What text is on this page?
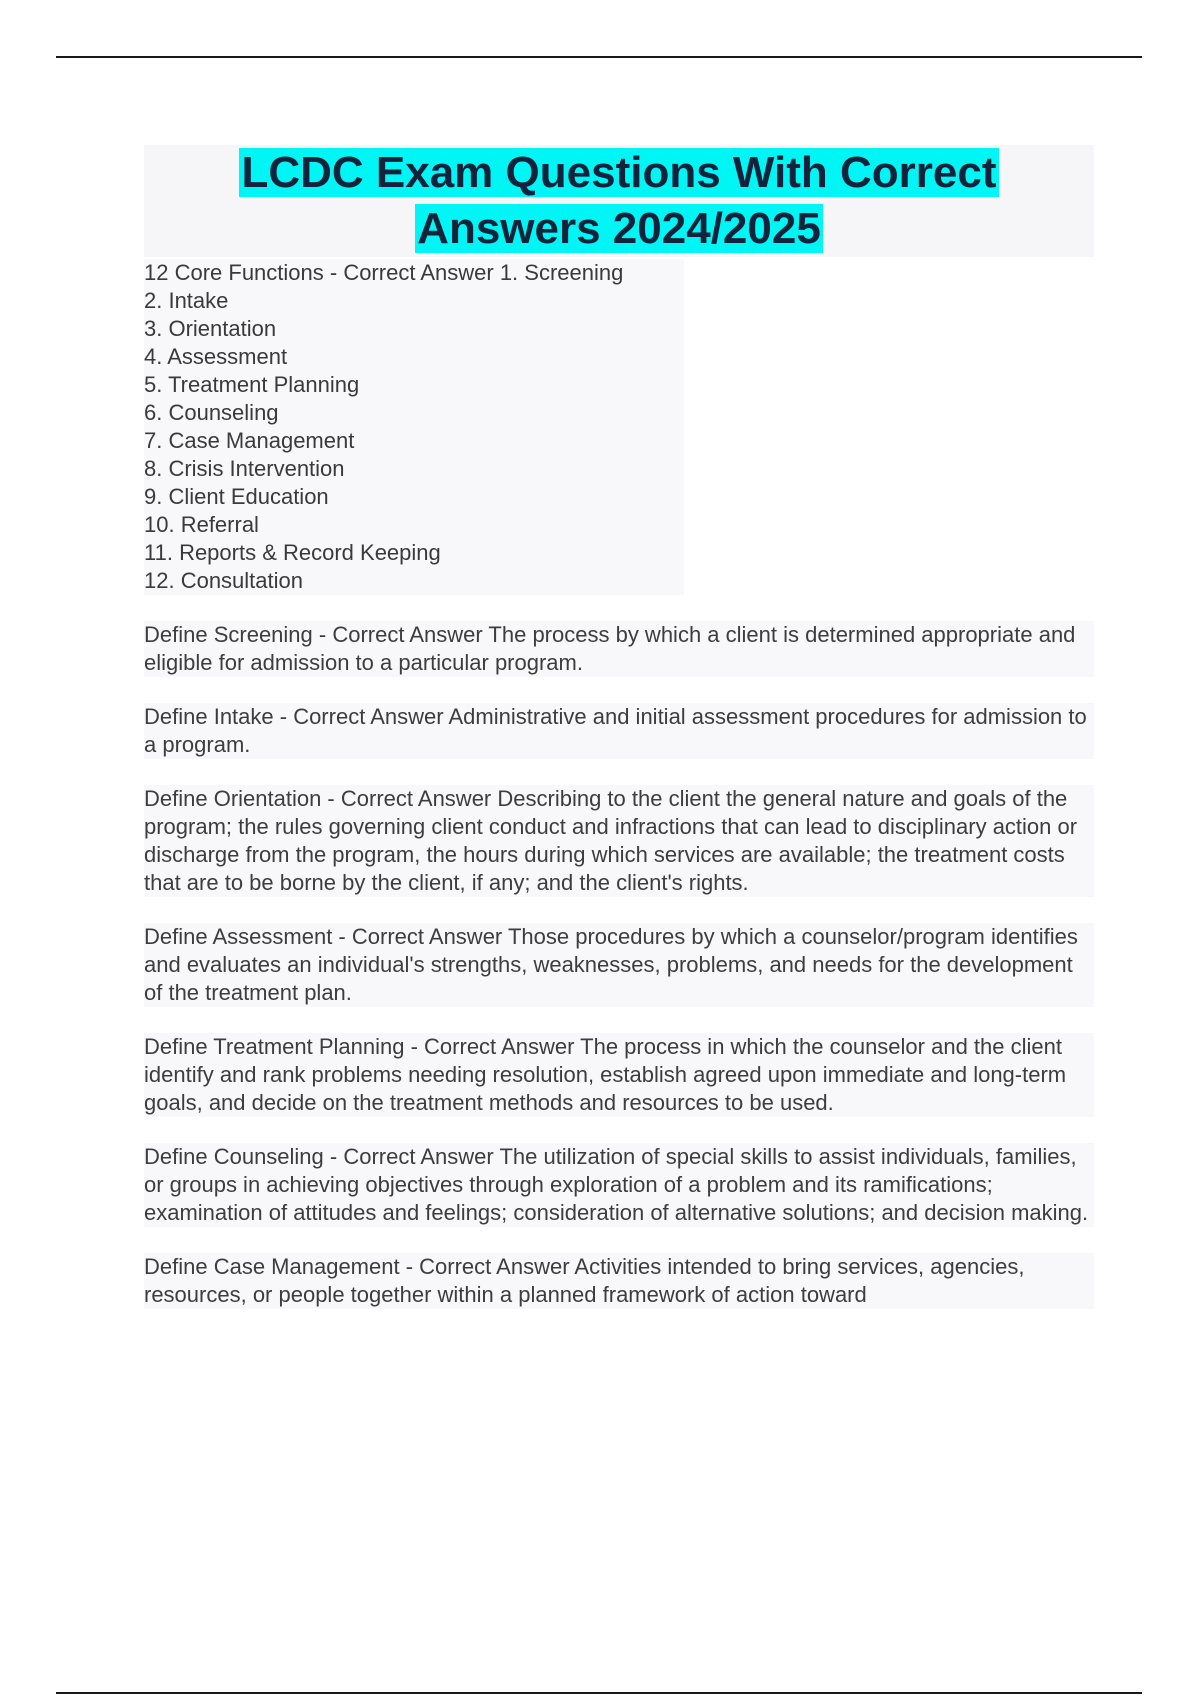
LCDC Exam Questions With Correct Answers 2024/2025
12 Core Functions - Correct Answer 1. Screening
2. Intake
3. Orientation
4. Assessment
5. Treatment Planning
6. Counseling
7. Case Management
8. Crisis Intervention
9. Client Education
10. Referral
11. Reports & Record Keeping
12. Consultation
Define Screening - Correct Answer The process by which a client is determined appropriate and eligible for admission to a particular program.
Define Intake - Correct Answer Administrative and initial assessment procedures for admission to a program.
Define Orientation - Correct Answer Describing to the client the general nature and goals of the program; the rules governing client conduct and infractions that can lead to disciplinary action or discharge from the program, the hours during which services are available; the treatment costs that are to be borne by the client, if any; and the client's rights.
Define Assessment - Correct Answer Those procedures by which a counselor/program identifies and evaluates an individual's strengths, weaknesses, problems, and needs for the development of the treatment plan.
Define Treatment Planning - Correct Answer The process in which the counselor and the client identify and rank problems needing resolution, establish agreed upon immediate and long-term goals, and decide on the treatment methods and resources to be used.
Define Counseling - Correct Answer The utilization of special skills to assist individuals, families, or groups in achieving objectives through exploration of a problem and its ramifications; examination of attitudes and feelings; consideration of alternative solutions; and decision making.
Define Case Management - Correct Answer Activities intended to bring services, agencies, resources, or people together within a planned framework of action toward
